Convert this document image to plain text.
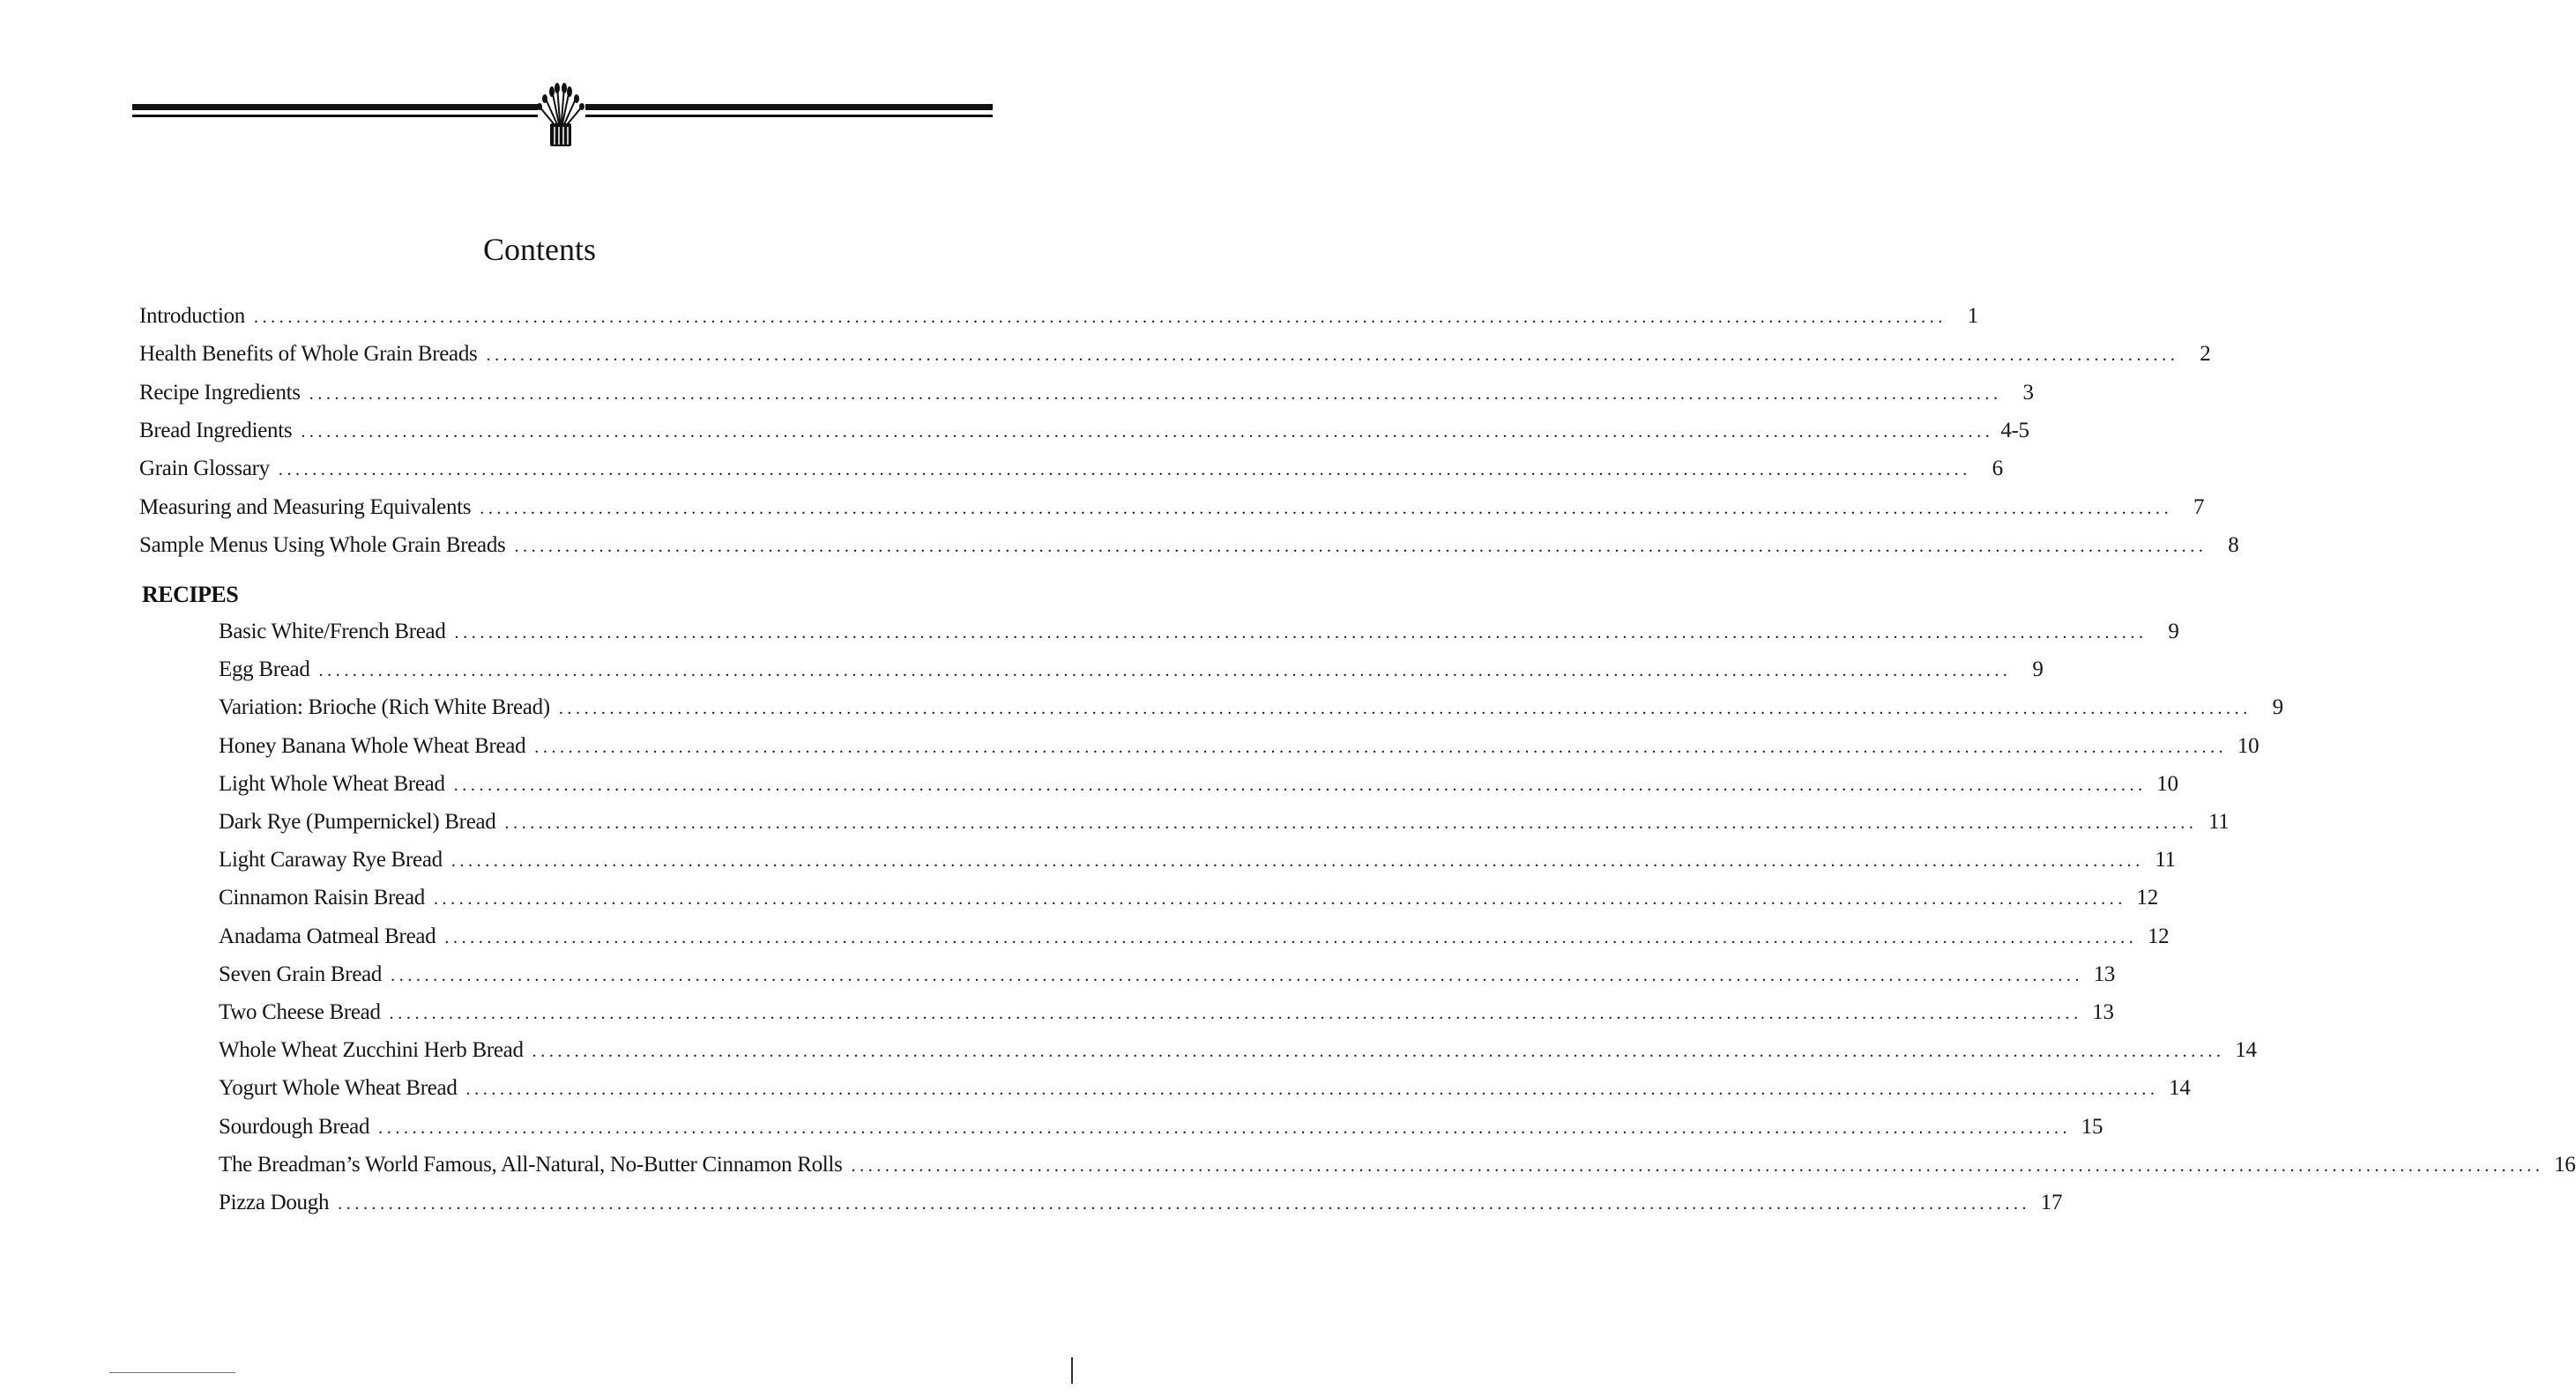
Contents
Introduction ........................................................................................................................................................................................................ 1
Health Benefits of Whole Grain Breads ........................................................................................................................................................................................................ 2
Recipe Ingredients ........................................................................................................................................................................................................ 3
Bread Ingredients ........................................................................................................................................................................................................ 4-5
Grain Glossary ........................................................................................................................................................................................................ 6
Measuring and Measuring Equivalents ........................................................................................................................................................................................................ 7
Sample Menus Using Whole Grain Breads ........................................................................................................................................................................................................ 8
Basic White/French Bread ........................................................................................................................................................................................................ 9
Egg Bread ........................................................................................................................................................................................................ 9
Variation: Brioche (Rich White Bread) ........................................................................................................................................................................................................ 9
Honey Banana Whole Wheat Bread ........................................................................................................................................................................................................ 10
Light Whole Wheat Bread ........................................................................................................................................................................................................ 10
Dark Rye (Pumpernickel) Bread ........................................................................................................................................................................................................ 11
Light Caraway Rye Bread ........................................................................................................................................................................................................ 11
Cinnamon Raisin Bread ........................................................................................................................................................................................................ 12
Anadama Oatmeal Bread ........................................................................................................................................................................................................ 12
Seven Grain Bread ........................................................................................................................................................................................................ 13
Two Cheese Bread ........................................................................................................................................................................................................ 13
Whole Wheat Zucchini Herb Bread ........................................................................................................................................................................................................ 14
Yogurt Whole Wheat Bread ........................................................................................................................................................................................................ 14
Sourdough Bread ........................................................................................................................................................................................................ 15
The Breadman’s World Famous, All-Natural, No-Butter Cinnamon Rolls ........................................................................................................................................................................................................ 16
Pizza Dough ........................................................................................................................................................................................................ 17
RECIPES
